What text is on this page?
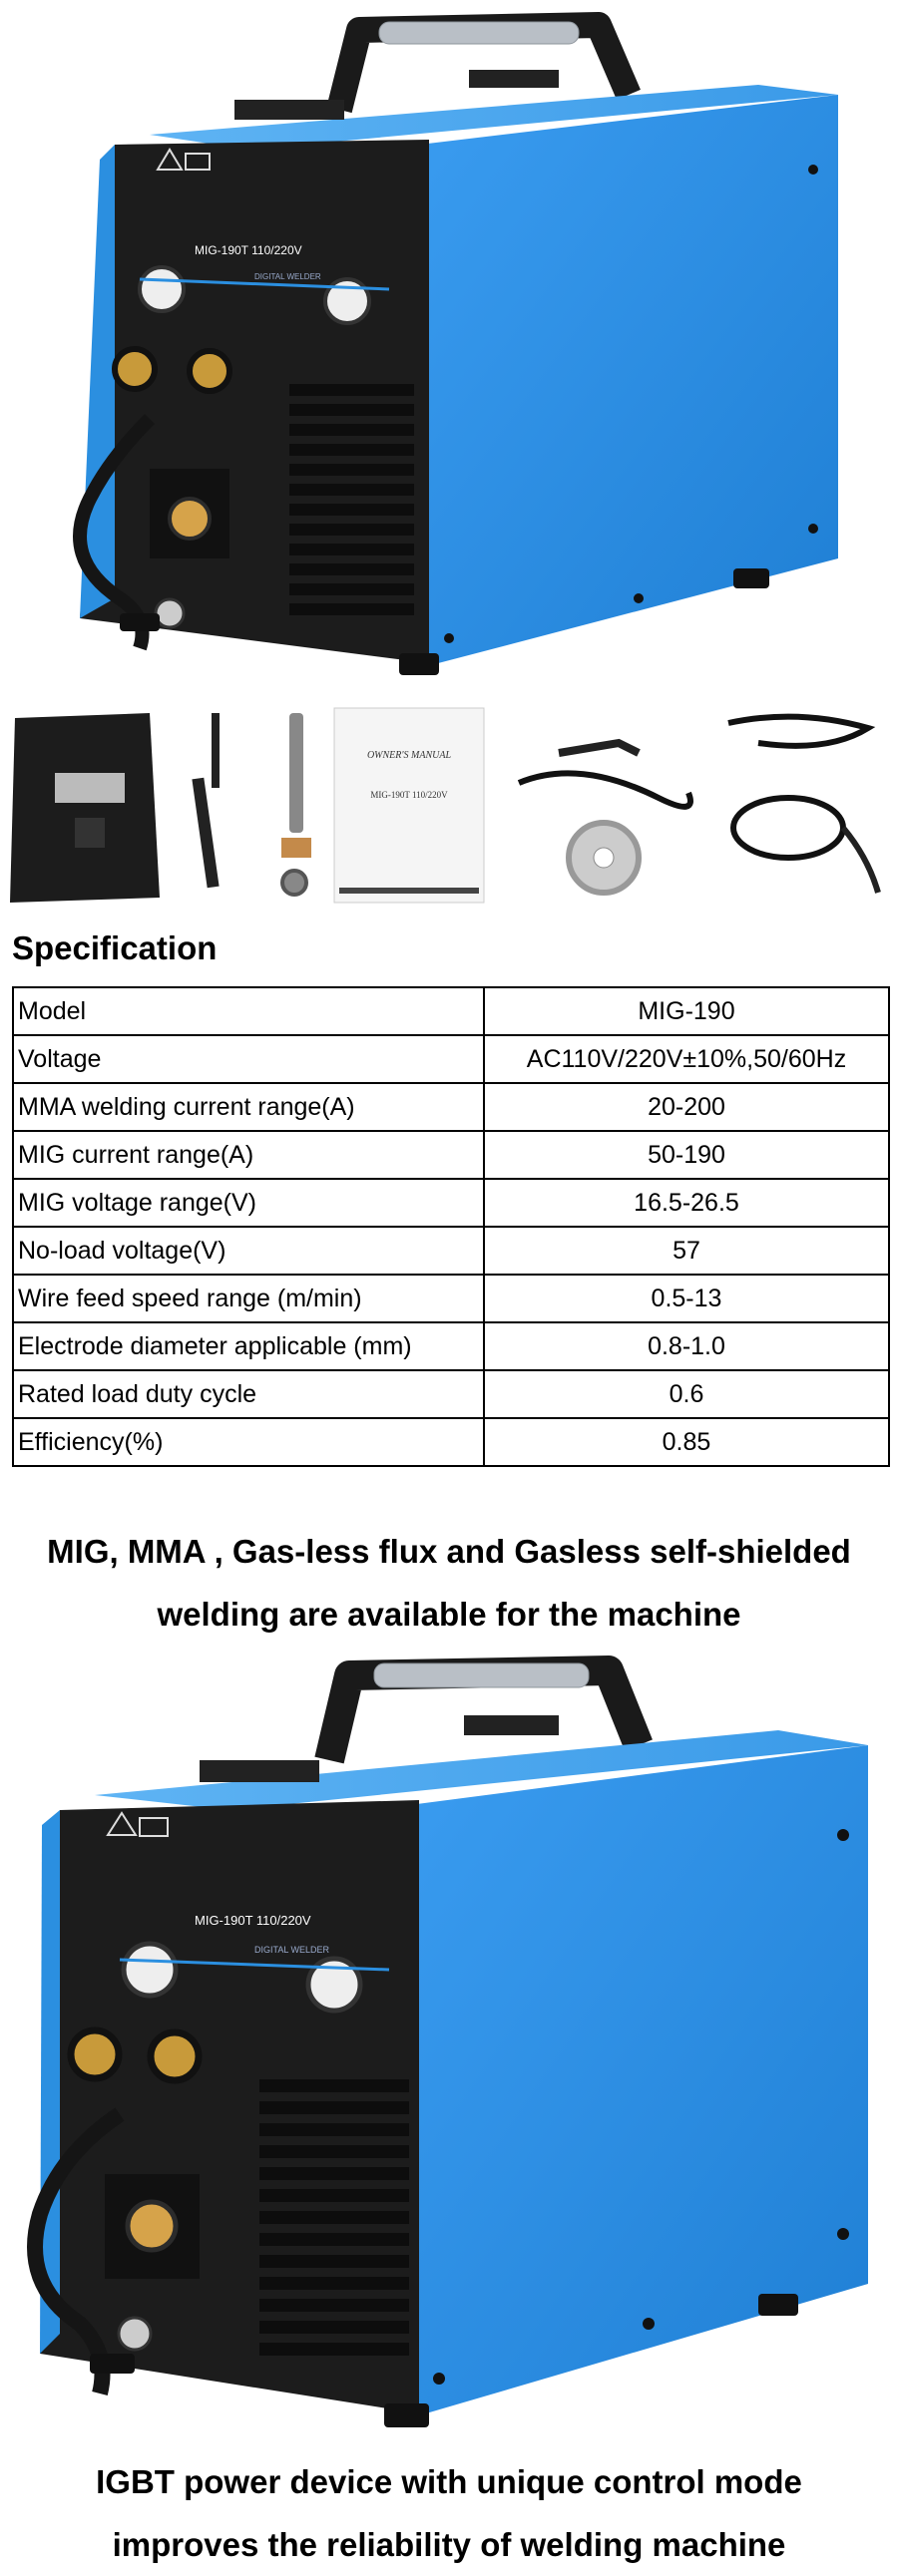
MIG-190T 110/220V
DIGITAL WELDER
OWNER'S MANUAL
MIG-190T 110/220V
Specification
Model	MIG-190
Voltage	AC110V/220V±10%,50/60Hz
MMA welding current range(A)	20-200
MIG current range(A)	50-190
MIG voltage range(V)	16.5-26.5
No-load voltage(V)	57
Wire feed speed range (m/min)	0.5-13
Electrode diameter applicable (mm)	0.8-1.0
Rated load duty cycle	0.6
Efficiency(%)	0.85
MIG, MMA , Gas-less flux and Gasless self-shielded
welding are available for the machine
MIG-190T 110/220V
DIGITAL WELDER
IGBT power device with unique control mode
improves the reliability of welding machine
